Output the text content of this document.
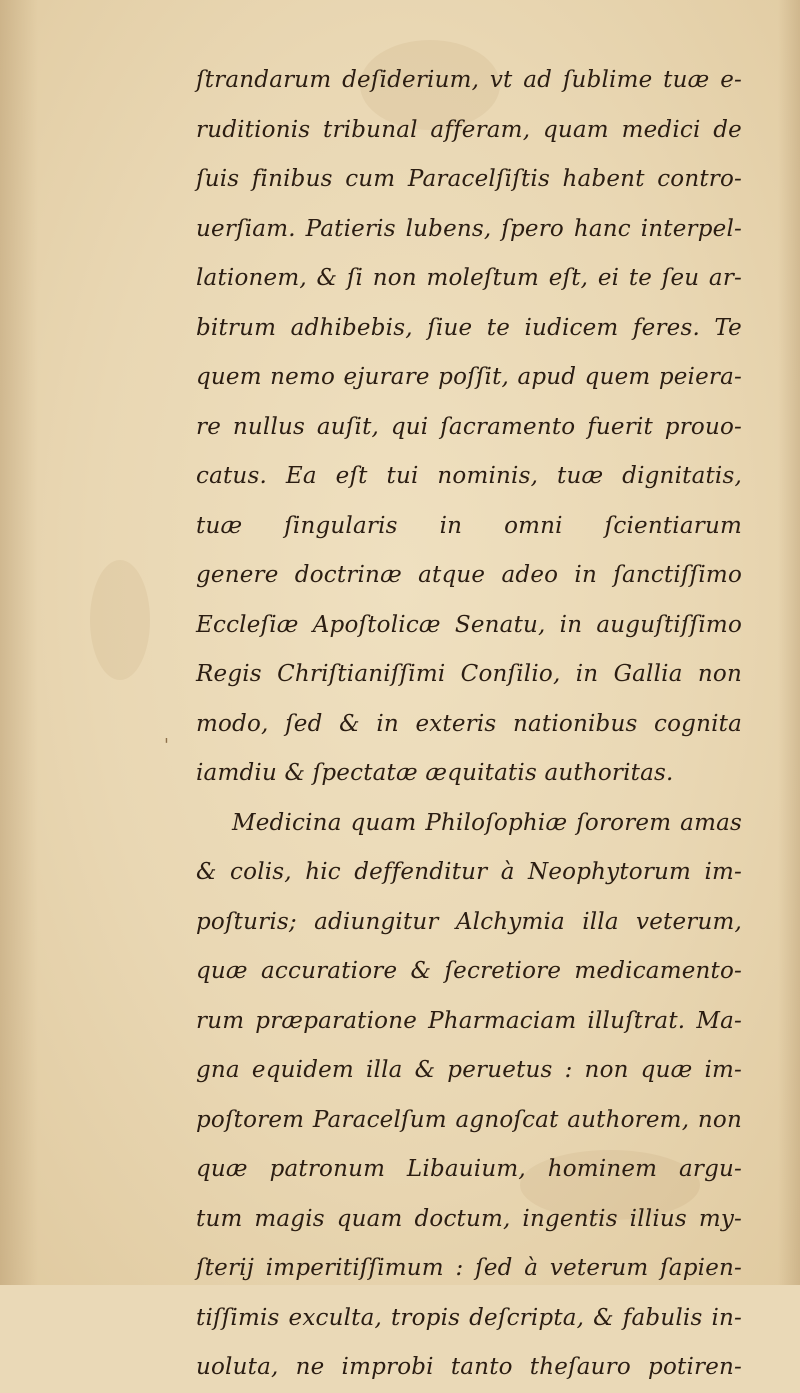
'
ſtrandarum deſiderium, vt ad ſublime tuæ e-
ruditionis tribunal afferam, quam medici de
ſuis finibus cum Paracelſiſtis habent contro-
uerſiam. Patieris lubens, ſpero hanc interpel-
lationem, & ſi non moleſtum eſt, ei te ſeu ar-
bitrum adhibebis, ſiue te iudicem feres. Te
quem nemo ejurare poſſit, apud quem peiera-
re nullus auſit, qui ſacramento fuerit prouo-
catus. Ea eſt tui nominis, tuæ dignitatis,
tuæ ſingularis in omni ſcientiarum
genere doctrinæ atque adeo in ſanctiſſimo
Eccleſiæ Apoſtolicæ Senatu, in auguſtiſſimo
Regis Chriſtianiſſimi Conſilio, in Gallia non
modo, ſed & in exteris nationibus cognita
iamdiu & ſpectatæ æquitatis authoritas.
Medicina quam Philoſophiæ ſororem amas
& colis, hic deffenditur à Neophytorum im-
poſturis; adiungitur Alchymia illa veterum,
quæ accuratiore & ſecretiore medicamento-
rum præparatione Pharmaciam illuſtrat. Ma-
gna equidem illa & peruetus : non quæ im-
poſtorem Paracelſum agnoſcat authorem, non
quæ patronum Libauium, hominem argu-
tum magis quam doctum, ingentis illius my-
ſterij imperitiſſimum : ſed à veterum ſapien-
tiſſimis exculta, tropis deſcripta, & fabulis in-
uoluta, ne improbi tanto theſauro potiren-
